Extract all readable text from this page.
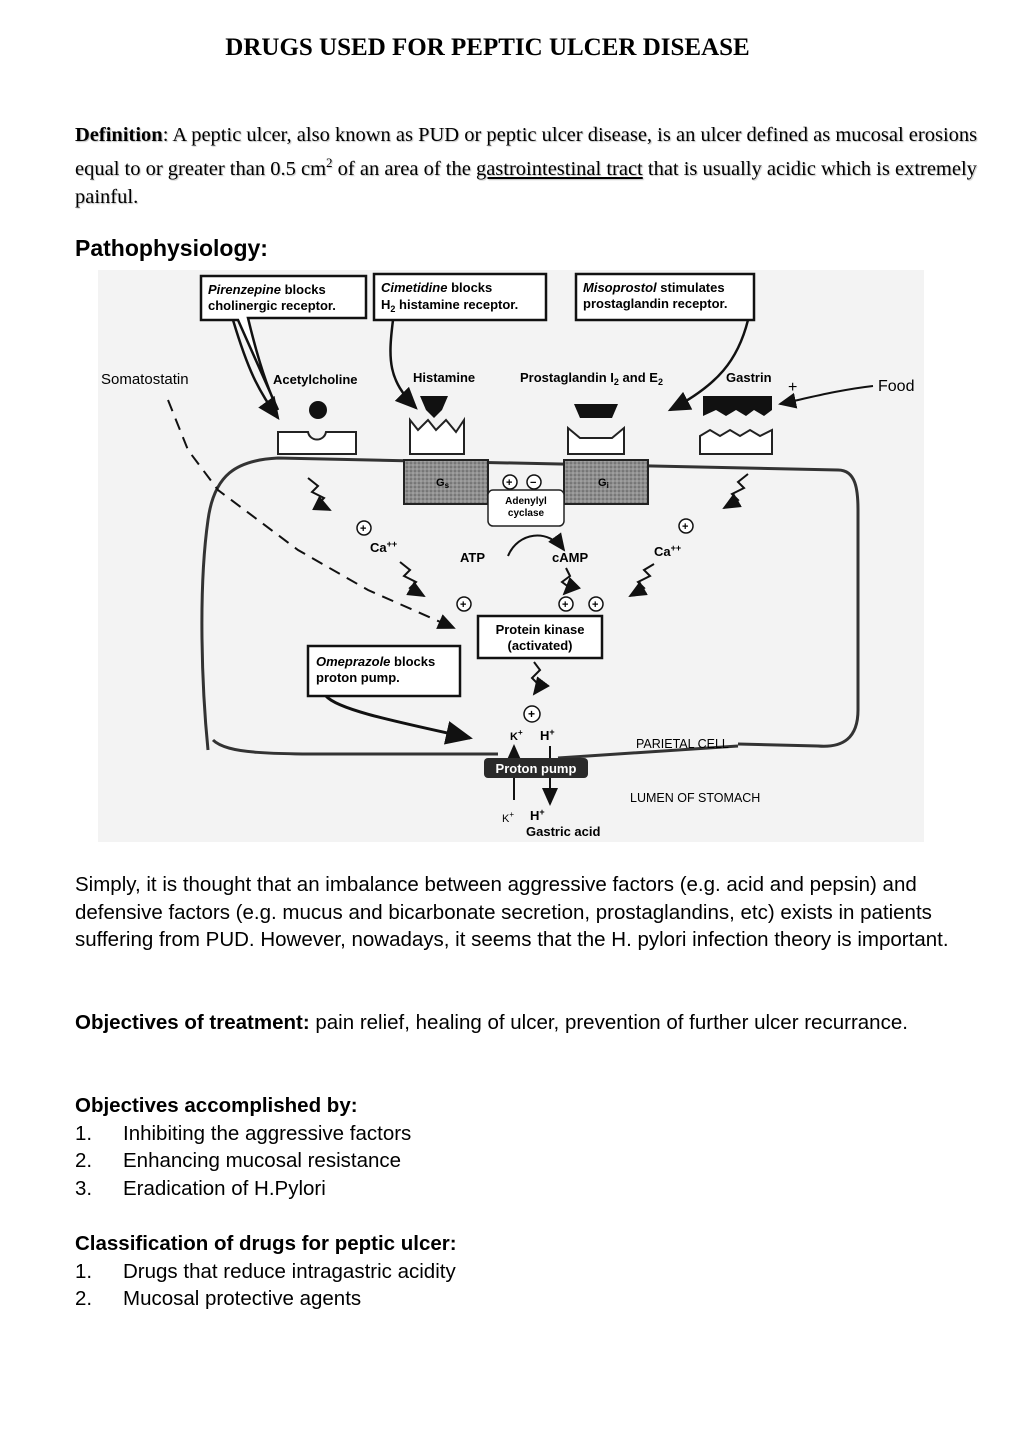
DRUGS USED FOR PEPTIC ULCER DISEASE
Definition: A peptic ulcer, also known as PUD or peptic ulcer disease, is an ulcer defined as mucosal erosions equal to or greater than 0.5 $cm^2$ of an area of the gastrointestinal tract that is usually acidic which is extremely painful.
Pathophysiology:
Pirenzepine blocks
cholinergic receptor.
Cimetidine blocks
$H_2$ histamine receptor.
Misoprostol stimulates
prostaglandin receptor.
Somatostatin	Acetylcholine	Histamine	Prostaglandin $I_2$ and $E_2$	Gastrin
Food
+
Gs	Gi
+ −
Adenylyl
cyclase
+
Ca++
+
Ca++
ATP	cAMP
+	+ +
Protein kinase
(activated)
Omeprazole blocks
proton pump.
+
K+ H+
Proton pump
PARIETAL CELL
LUMEN OF STOMACH
K+ H+
Gastric acid
Simply, it is thought that an imbalance between aggressive factors (e.g. acid and pepsin) and defensive factors (e.g. mucus and bicarbonate secretion, prostaglandins, etc) exists in patients suffering from PUD. However, nowadays, it seems that the H. pylori infection theory is important.
Objectives of treatment: pain relief, healing of ulcer, prevention of further ulcer recurrance.
Objectives accomplished by:
1. Inhibiting the aggressive factors
2. Enhancing mucosal resistance
3. Eradication of H.Pylori
Classification of drugs for peptic ulcer:
1. Drugs that reduce intragastric acidity
2. Mucosal protective agents
